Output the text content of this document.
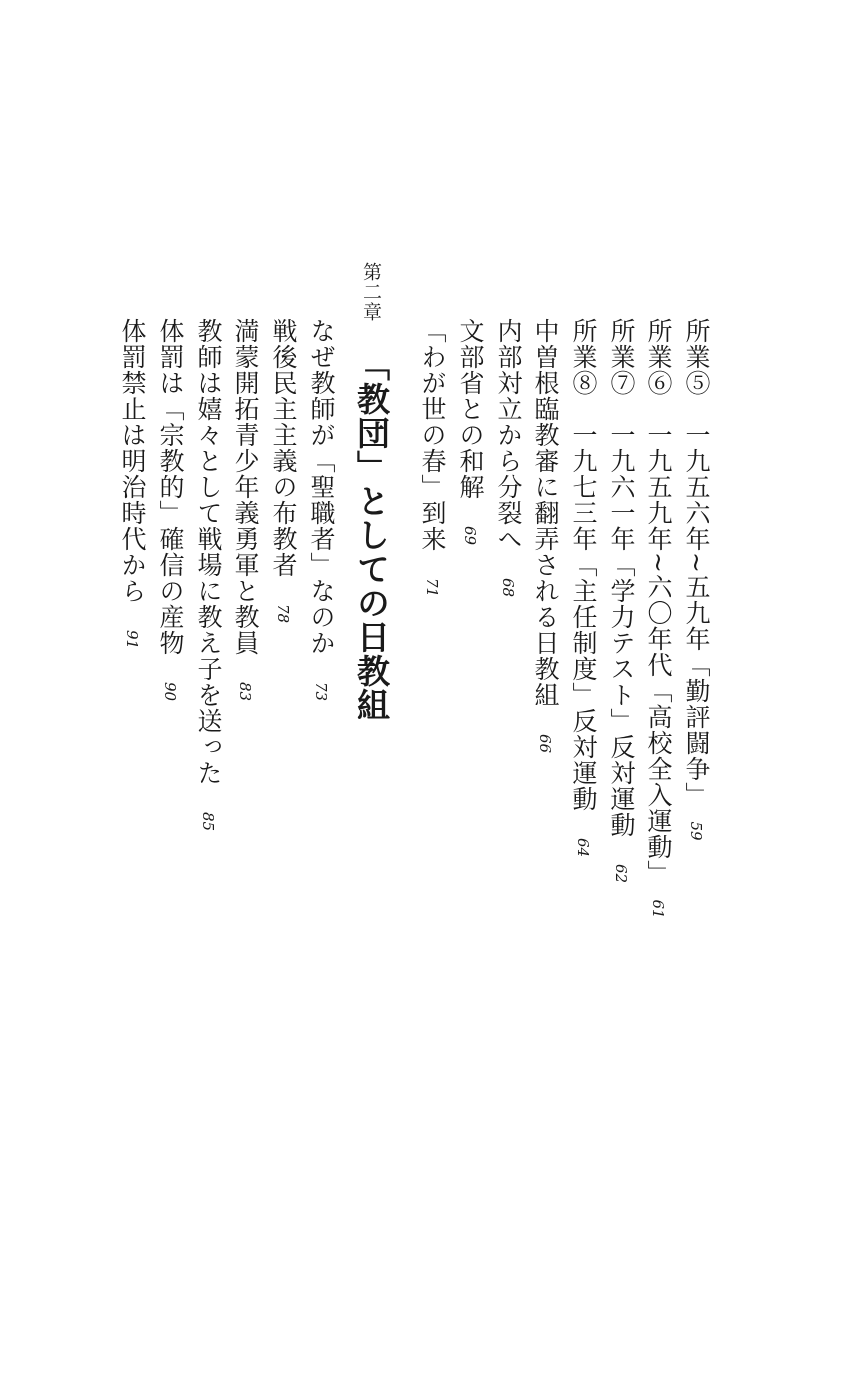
所業⑤　一九五六年~五九年「勤評闘争」　59
所業⑥　一九五九年~六〇年代「高校全入運動」　61
所業⑦　一九六一年「学力テスト」反対運動　62
所業⑧　一九七三年「主任制度」反対運動　64
中曽根臨教審に翻弄される日教組　66
内部対立から分裂へ　68
文部省との和解　69
「わが世の春」到来　71
第二章
「教団」としての日教組
なぜ教師が「聖職者」なのか　73
戦後民主主義の布教者　78
満蒙開拓青少年義勇軍と教員　83
教師は嬉々として戦場に教え子を送った　85
体罰は「宗教的」確信の産物　90
体罰禁止は明治時代から　91
